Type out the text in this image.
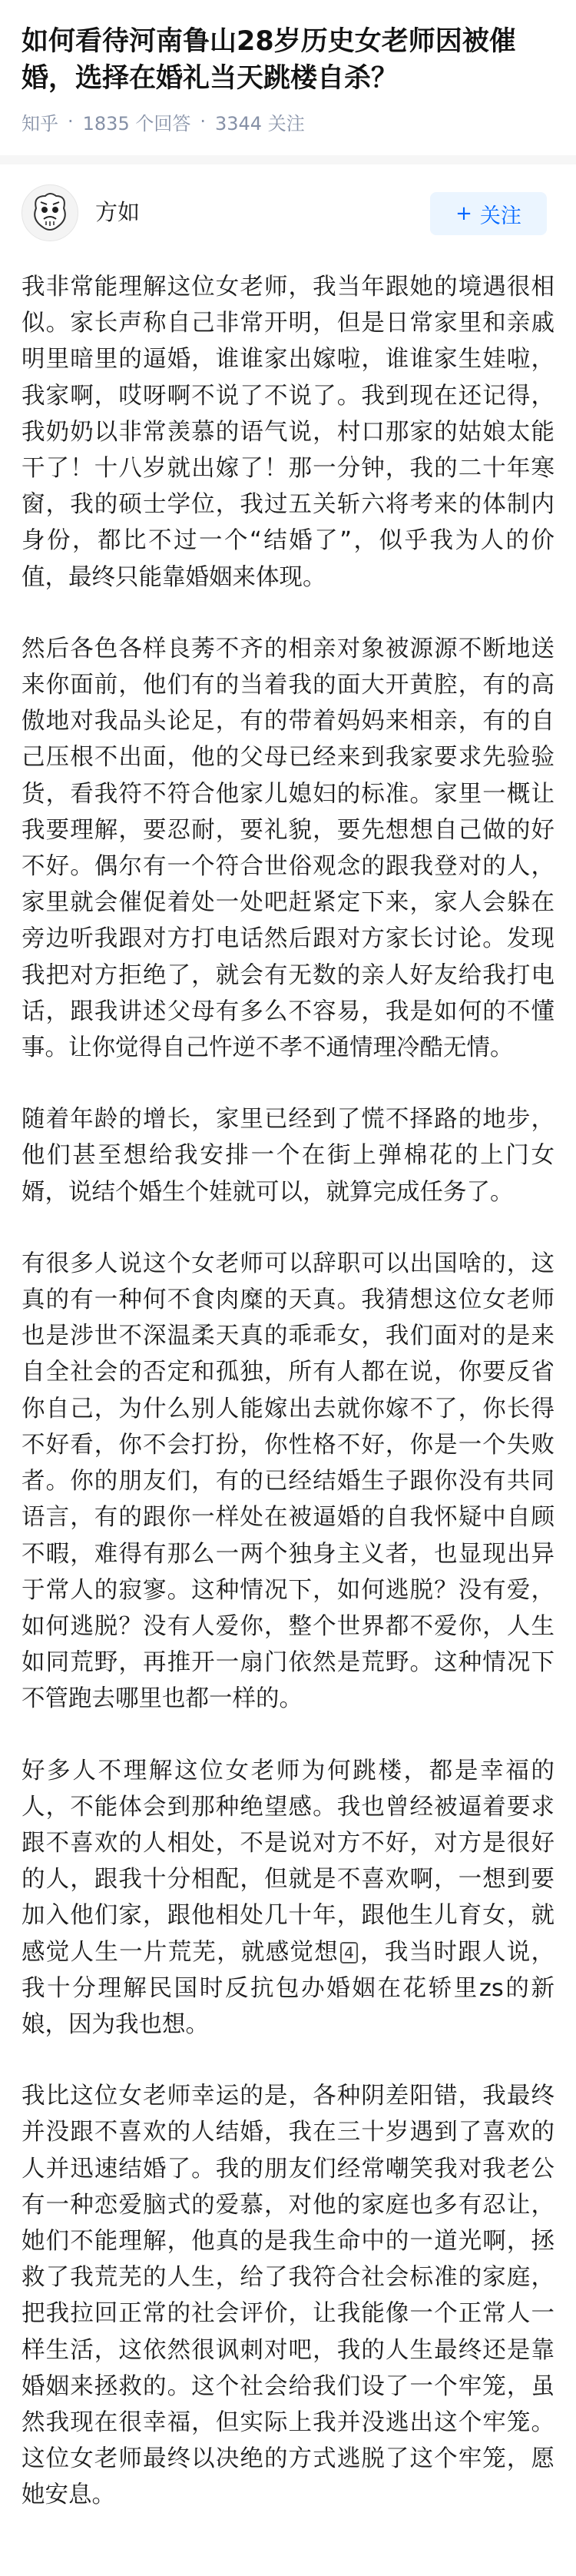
如何看待河南鲁山28岁历史女老师因被催婚，选择在婚礼当天跳楼自杀？
知乎 · 1835 个回答 · 3344 关注
方如	+ 关注

我非常能理解这位女老师，我当年跟她的境遇很相似。家长声称自己非常开明，但是日常家里和亲戚明里暗里的逼婚，谁谁家出嫁啦，谁谁家生娃啦，我家啊，哎呀啊不说了不说了。我到现在还记得，我奶奶以非常羡慕的语气说，村口那家的姑娘太能干了！十八岁就出嫁了！那一分钟，我的二十年寒窗，我的硕士学位，我过五关斩六将考来的体制内身份，都比不过一个“结婚了”，似乎我为人的价值，最终只能靠婚姻来体现。

然后各色各样良莠不齐的相亲对象被源源不断地送来你面前，他们有的当着我的面大开黄腔，有的高傲地对我品头论足，有的带着妈妈来相亲，有的自己压根不出面，他的父母已经来到我家要求先验验货，看我符不符合他家儿媳妇的标准。家里一概让我要理解，要忍耐，要礼貌，要先想想自己做的好不好。偶尔有一个符合世俗观念的跟我登对的人，家里就会催促着处一处吧赶紧定下来，家人会躲在旁边听我跟对方打电话然后跟对方家长讨论。发现我把对方拒绝了，就会有无数的亲人好友给我打电话，跟我讲述父母有多么不容易，我是如何的不懂事。让你觉得自己忤逆不孝不通情理冷酷无情。

随着年龄的增长，家里已经到了慌不择路的地步，他们甚至想给我安排一个在街上弹棉花的上门女婿，说结个婚生个娃就可以，就算完成任务了。

有很多人说这个女老师可以辞职可以出国啥的，这真的有一种何不食肉糜的天真。我猜想这位女老师也是涉世不深温柔天真的乖乖女，我们面对的是来自全社会的否定和孤独，所有人都在说，你要反省你自己，为什么别人能嫁出去就你嫁不了，你长得不好看，你不会打扮，你性格不好，你是一个失败者。你的朋友们，有的已经结婚生子跟你没有共同语言，有的跟你一样处在被逼婚的自我怀疑中自顾不暇，难得有那么一两个独身主义者，也显现出异于常人的寂寥。这种情况下，如何逃脱？没有爱，如何逃脱？没有人爱你，整个世界都不爱你，人生如同荒野，再推开一扇门依然是荒野。这种情况下不管跑去哪里也都一样的。

好多人不理解这位女老师为何跳楼，都是幸福的人，不能体会到那种绝望感。我也曾经被逼着要求跟不喜欢的人相处，不是说对方不好，对方是很好的人，跟我十分相配，但就是不喜欢啊，一想到要加入他们家，跟他相处几十年，跟他生儿育女，就感觉人生一片荒芜，就感觉想 4 ，我当时跟人说，我十分理解民国时反抗包办婚姻在花轿里zs的新娘，因为我也想。

我比这位女老师幸运的是，各种阴差阳错，我最终并没跟不喜欢的人结婚，我在三十岁遇到了喜欢的人并迅速结婚了。我的朋友们经常嘲笑我对我老公有一种恋爱脑式的爱慕，对他的家庭也多有忍让，她们不能理解，他真的是我生命中的一道光啊，拯救了我荒芜的人生，给了我符合社会标准的家庭，把我拉回正常的社会评价，让我能像一个正常人一样生活，这依然很讽刺对吧，我的人生最终还是靠婚姻来拯救的。这个社会给我们设了一个牢笼，虽然我现在很幸福，但实际上我并没逃出这个牢笼。这位女老师最终以决绝的方式逃脱了这个牢笼，愿她安息。
